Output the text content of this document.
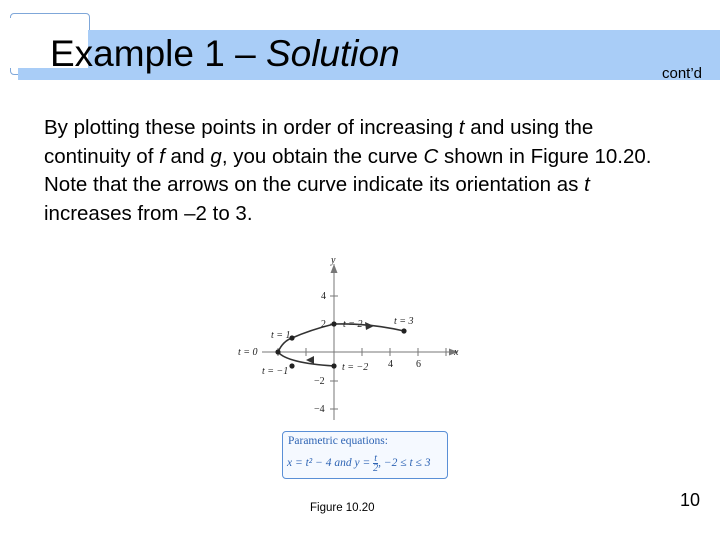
Example 1 – Solution	cont’d
By plotting these points in order of increasing t and using the continuity of f and g, you obtain the curve C shown in Figure 10.20. Note that the arrows on the curve indicate its orientation as t increases from –2 to 3.
y
x
4
2
−2
−4
4 6
t = 1
t = 2	t = 3
t = 0
t = −1	t = −2
Parametric equations:
x = t² − 4 and $y = \frac{t}{2}$ , −2 ≤ t ≤ 3
Figure 10.20	10
